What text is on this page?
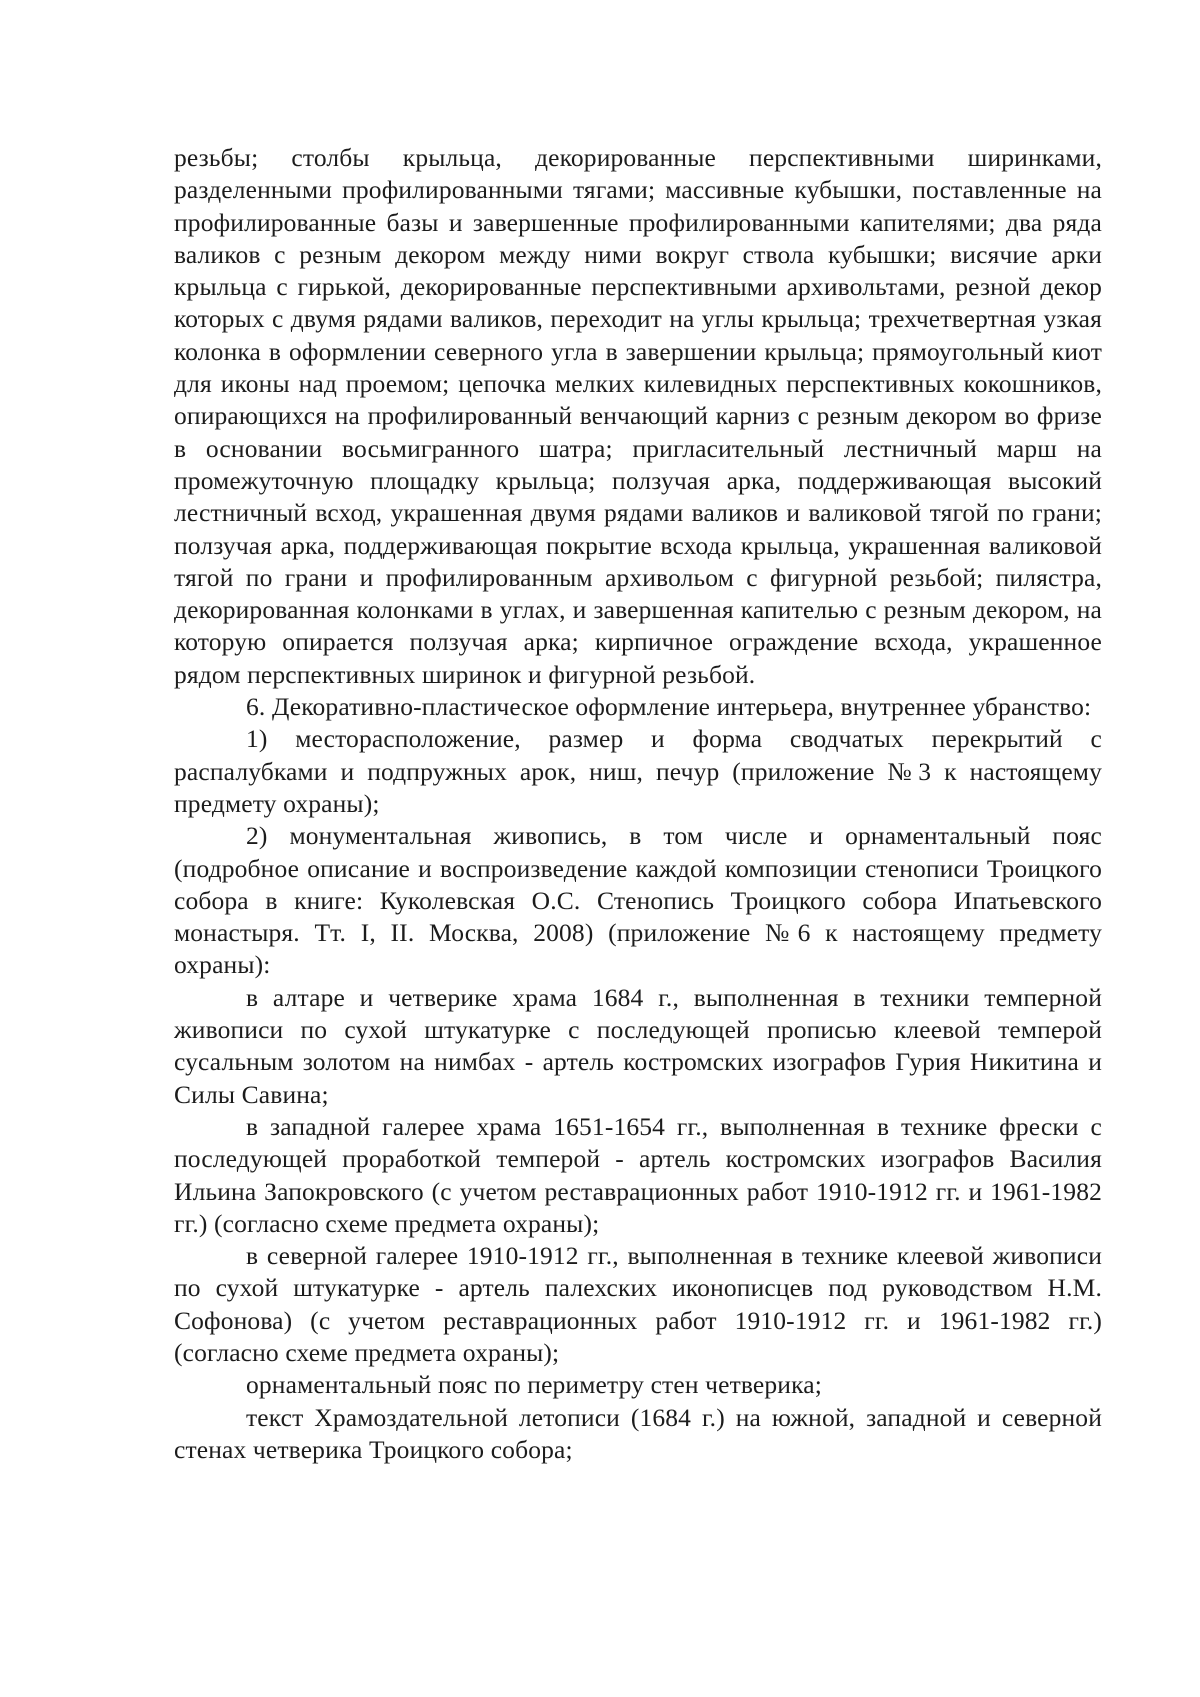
резьбы; столбы крыльца, декорированные перспективными ширинками, разделенными профилированными тягами; массивные кубышки, поставленные на профилированные базы и завершенные профилированными капителями; два ряда валиков с резным декором между ними вокруг ствола кубышки; висячие арки крыльца с гирькой, декорированные перспективными архивольтами, резной декор которых с двумя рядами валиков, переходит на углы крыльца; трехчетвертная узкая колонка в оформлении северного угла в завершении крыльца; прямоугольный киот для иконы над проемом; цепочка мелких килевидных перспективных кокошников, опирающихся на профилированный венчающий карниз с резным декором во фризе в основании восьмигранного шатра; пригласительный лестничный марш на промежуточную площадку крыльца; ползучая арка, поддерживающая высокий лестничный всход, украшенная двумя рядами валиков и валиковой тягой по грани; ползучая арка, поддерживающая покрытие всхода крыльца, украшенная валиковой тягой по грани и профилированным архивольом с фигурной резьбой; пилястра, декорированная колонками в углах, и завершенная капителью с резным декором, на которую опирается ползучая арка; кирпичное ограждение всхода, украшенное рядом перспективных ширинок и фигурной резьбой.

6. Декоративно-пластическое оформление интерьера, внутреннее убранство:

1) месторасположение, размер и форма сводчатых перекрытий с распалубками и подпружных арок, ниш, печур (приложение №3 к настоящему предмету охраны);

2) монументальная живопись, в том числе и орнаментальный пояс (подробное описание и воспроизведение каждой композиции стенописи Троицкого собора в книге: Куколевская О.С. Стенопись Троицкого собора Ипатьевского монастыря. Тт. I, II. Москва, 2008) (приложение №6 к настоящему предмету охраны):

в алтаре и четверике храма 1684 г., выполненная в техники темперной живописи по сухой штукатурке с последующей прописью клеевой темперой сусальным золотом на нимбах - артель костромских изографов Гурия Никитина и Силы Савина;

в западной галерее храма 1651-1654 гг., выполненная в технике фрески с последующей проработкой темперой - артель костромских изографов Василия Ильина Запокровского (с учетом реставрационных работ 1910-1912 гг. и 1961-1982 гг.) (согласно схеме предмета охраны);

в северной галерее 1910-1912 гг., выполненная в технике клеевой живописи по сухой штукатурке - артель палехских иконописцев под руководством Н.М. Софонова) (с учетом реставрационных работ 1910-1912 гг. и 1961-1982 гг.) (согласно схеме предмета охраны);

орнаментальный пояс по периметру стен четверика;

текст Храмоздательной летописи (1684 г.) на южной, западной и северной стенах четверика Троицкого собора;
